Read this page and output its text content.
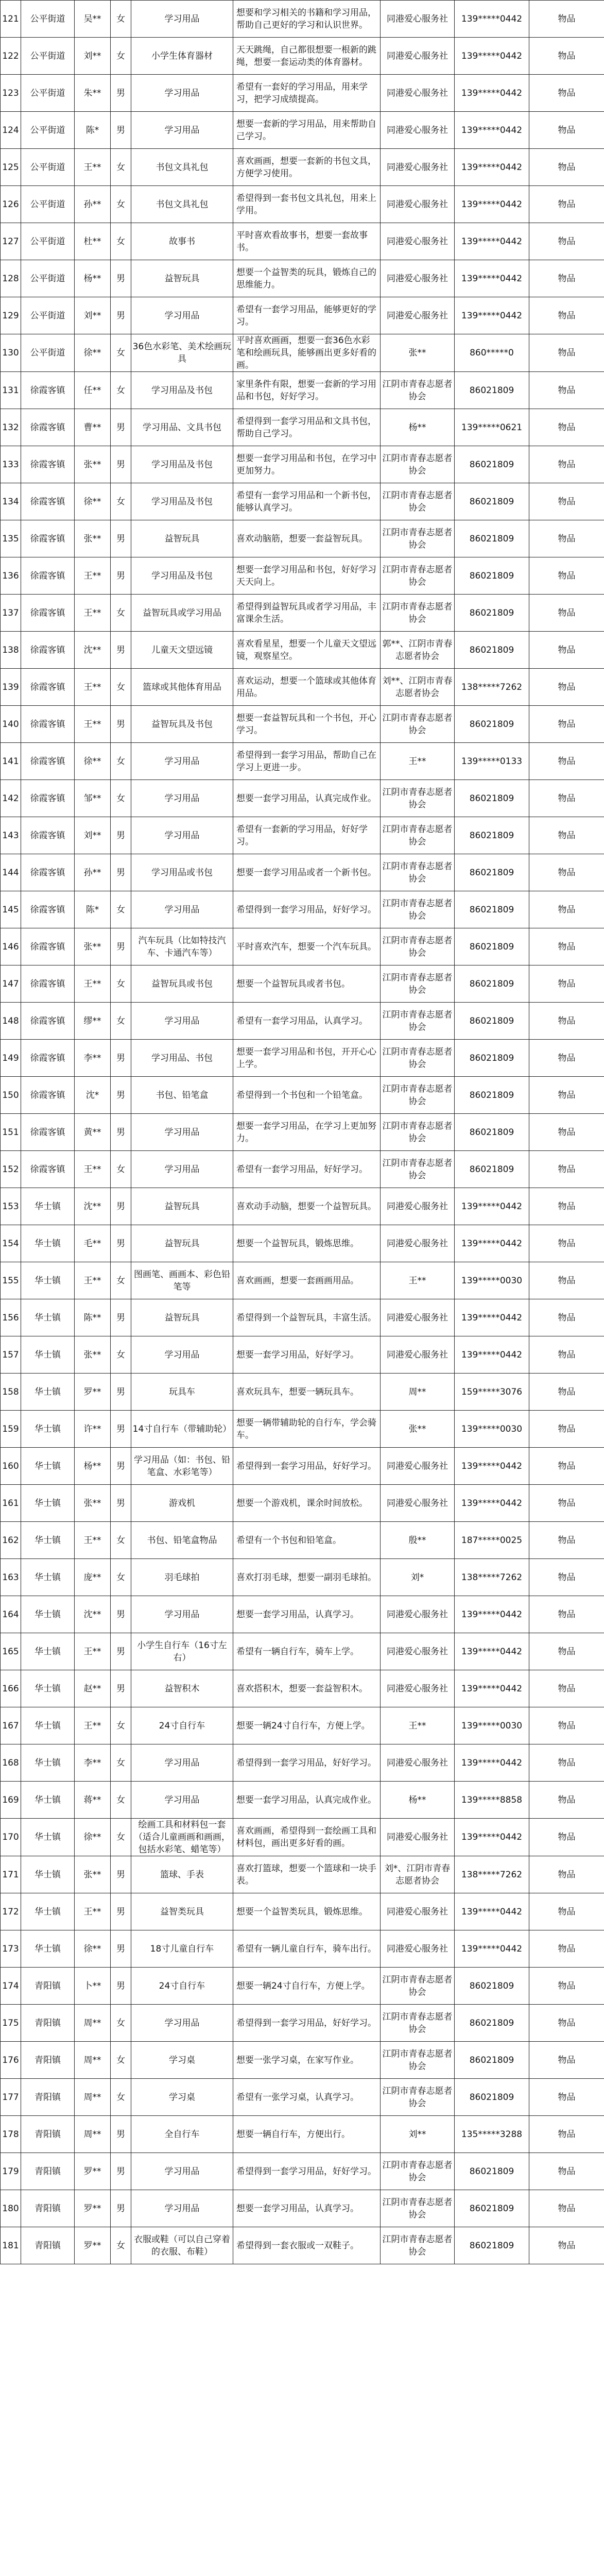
121	公平街道	吴**	女	学习用品	想要和学习相关的书籍和学习用品，帮助自己更好的学习和认识世界。	同港爱心服务社	139*****0442	物品
122	公平街道	刘**	女	小学生体育器材	天天跳绳，自己都很想要一根新的跳绳，想要一套运动类的体育器材。	同港爱心服务社	139*****0442	物品
123	公平街道	朱**	男	学习用品	希望有一套好的学习用品，用来学习，把学习成绩提高。	同港爱心服务社	139*****0442	物品
124	公平街道	陈*	男	学习用品	想要一套新的学习用品，用来帮助自己学习。	同港爱心服务社	139*****0442	物品
125	公平街道	王**	女	书包文具礼包	喜欢画画，想要一套新的书包文具，方便学习使用。	同港爱心服务社	139*****0442	物品
126	公平街道	孙**	女	书包文具礼包	希望得到一套书包文具礼包，用来上学用。	同港爱心服务社	139*****0442	物品
127	公平街道	杜**	女	故事书	平时喜欢看故事书，想要一套故事书。	同港爱心服务社	139*****0442	物品
128	公平街道	杨**	男	益智玩具	想要一个益智类的玩具，锻炼自己的思维能力。	同港爱心服务社	139*****0442	物品
129	公平街道	刘**	男	学习用品	希望有一套学习用品，能够更好的学习。	同港爱心服务社	139*****0442	物品
130	公平街道	徐**	女	36色水彩笔、美术绘画玩具	平时喜欢画画，想要一套36色水彩笔和绘画玩具，能够画出更多好看的画。	张**	860*****0	物品
131	徐霞客镇	任**	女	学习用品及书包	家里条件有限，想要一套新的学习用品和书包，好好学习。	江阴市青春志愿者协会	86021809	物品
132	徐霞客镇	曹**	男	学习用品、文具书包	希望得到一套学习用品和文具书包，帮助自己学习。	杨**	139*****0621	物品
133	徐霞客镇	张**	男	学习用品及书包	想要一套学习用品和书包，在学习中更加努力。	江阴市青春志愿者协会	86021809	物品
134	徐霞客镇	徐**	女	学习用品及书包	希望有一套学习用品和一个新书包，能够认真学习。	江阴市青春志愿者协会	86021809	物品
135	徐霞客镇	张**	男	益智玩具	喜欢动脑筋，想要一套益智玩具。	江阴市青春志愿者协会	86021809	物品
136	徐霞客镇	王**	男	学习用品及书包	想要一套学习用品和书包，好好学习天天向上。	江阴市青春志愿者协会	86021809	物品
137	徐霞客镇	王**	女	益智玩具或学习用品	希望得到益智玩具或者学习用品，丰富课余生活。	江阴市青春志愿者协会	86021809	物品
138	徐霞客镇	沈**	男	儿童天文望远镜	喜欢看星星，想要一个儿童天文望远镜，观察星空。	郭**、江阴市青春志愿者协会	86021809	物品
139	徐霞客镇	王**	女	篮球或其他体育用品	喜欢运动，想要一个篮球或其他体育用品。	刘**、江阴市青春志愿者协会	138*****7262	物品
140	徐霞客镇	王**	男	益智玩具及书包	想要一套益智玩具和一个书包，开心学习。	江阴市青春志愿者协会	86021809	物品
141	徐霞客镇	徐**	女	学习用品	希望得到一套学习用品，帮助自己在学习上更进一步。	王**	139*****0133	物品
142	徐霞客镇	邹**	女	学习用品	想要一套学习用品，认真完成作业。	江阴市青春志愿者协会	86021809	物品
143	徐霞客镇	刘**	男	学习用品	希望有一套新的学习用品，好好学习。	江阴市青春志愿者协会	86021809	物品
144	徐霞客镇	孙**	男	学习用品或书包	想要一套学习用品或者一个新书包。	江阴市青春志愿者协会	86021809	物品
145	徐霞客镇	陈*	女	学习用品	希望得到一套学习用品，好好学习。	江阴市青春志愿者协会	86021809	物品
146	徐霞客镇	张**	男	汽车玩具（比如特技汽车、卡通汽车等）	平时喜欢汽车，想要一个汽车玩具。	江阴市青春志愿者协会	86021809	物品
147	徐霞客镇	王**	女	益智玩具或书包	想要一个益智玩具或者书包。	江阴市青春志愿者协会	86021809	物品
148	徐霞客镇	缪**	女	学习用品	希望有一套学习用品，认真学习。	江阴市青春志愿者协会	86021809	物品
149	徐霞客镇	李**	男	学习用品、书包	想要一套学习用品和书包，开开心心上学。	江阴市青春志愿者协会	86021809	物品
150	徐霞客镇	沈*	男	书包、铅笔盒	希望得到一个书包和一个铅笔盒。	江阴市青春志愿者协会	86021809	物品
151	徐霞客镇	黄**	男	学习用品	想要一套学习用品，在学习上更加努力。	江阴市青春志愿者协会	86021809	物品
152	徐霞客镇	王**	女	学习用品	希望有一套学习用品，好好学习。	江阴市青春志愿者协会	86021809	物品
153	华士镇	沈**	男	益智玩具	喜欢动手动脑，想要一个益智玩具。	同港爱心服务社	139*****0442	物品
154	华士镇	毛**	男	益智玩具	想要一个益智玩具，锻炼思维。	同港爱心服务社	139*****0442	物品
155	华士镇	王**	女	图画笔、画画本、彩色铅笔等	喜欢画画，想要一套画画用品。	王**	139*****0030	物品
156	华士镇	陈**	男	益智玩具	希望得到一个益智玩具，丰富生活。	同港爱心服务社	139*****0442	物品
157	华士镇	张**	女	学习用品	想要一套学习用品，好好学习。	同港爱心服务社	139*****0442	物品
158	华士镇	罗**	男	玩具车	喜欢玩具车，想要一辆玩具车。	周**	159*****3076	物品
159	华士镇	许**	男	14寸自行车（带辅助轮）	想要一辆带辅助轮的自行车，学会骑车。	张**	139*****0030	物品
160	华士镇	杨**	男	学习用品（如：书包、铅笔盒、水彩笔等）	希望得到一套学习用品，好好学习。	同港爱心服务社	139*****0442	物品
161	华士镇	张**	男	游戏机	想要一个游戏机，课余时间放松。	同港爱心服务社	139*****0442	物品
162	华士镇	王**	女	书包、铅笔盒物品	希望有一个书包和铅笔盒。	殷**	187*****0025	物品
163	华士镇	庞**	女	羽毛球拍	喜欢打羽毛球，想要一副羽毛球拍。	刘*	138*****7262	物品
164	华士镇	沈**	男	学习用品	想要一套学习用品，认真学习。	同港爱心服务社	139*****0442	物品
165	华士镇	王**	男	小学生自行车（16寸左右）	希望有一辆自行车，骑车上学。	同港爱心服务社	139*****0442	物品
166	华士镇	赵**	男	益智积木	喜欢搭积木，想要一套益智积木。	同港爱心服务社	139*****0442	物品
167	华士镇	王**	女	24寸自行车	想要一辆24寸自行车，方便上学。	王**	139*****0030	物品
168	华士镇	李**	女	学习用品	希望得到一套学习用品，好好学习。	同港爱心服务社	139*****0442	物品
169	华士镇	蒋**	女	学习用品	想要一套学习用品，认真完成作业。	杨**	139*****8858	物品
170	华士镇	徐**	女	绘画工具和材料包一套（适合儿童画画和画画，包括水彩笔、蜡笔等）	喜欢画画，希望得到一套绘画工具和材料包，画出更多好看的画。	同港爱心服务社	139*****0442	物品
171	华士镇	张**	男	篮球、手表	喜欢打篮球，想要一个篮球和一块手表。	刘*、江阴市青春志愿者协会	138*****7262	物品
172	华士镇	王**	男	益智类玩具	想要一个益智类玩具，锻炼思维。	同港爱心服务社	139*****0442	物品
173	华士镇	徐**	男	18寸儿童自行车	希望有一辆儿童自行车，骑车出行。	同港爱心服务社	139*****0442	物品
174	青阳镇	卜**	男	24寸自行车	想要一辆24寸自行车，方便上学。	江阴市青春志愿者协会	86021809	物品
175	青阳镇	周**	女	学习用品	希望得到一套学习用品，好好学习。	江阴市青春志愿者协会	86021809	物品
176	青阳镇	周**	女	学习桌	想要一张学习桌，在家写作业。	江阴市青春志愿者协会	86021809	物品
177	青阳镇	周**	女	学习桌	希望有一张学习桌，认真学习。	江阴市青春志愿者协会	86021809	物品
178	青阳镇	周**	男	全自行车	想要一辆自行车，方便出行。	刘**	135*****3288	物品
179	青阳镇	罗**	男	学习用品	希望得到一套学习用品，好好学习。	江阴市青春志愿者协会	86021809	物品
180	青阳镇	罗**	男	学习用品	想要一套学习用品，认真学习。	江阴市青春志愿者协会	86021809	物品
181	青阳镇	罗**	女	衣服或鞋（可以自己穿着的衣服、布鞋）	希望得到一套衣服或一双鞋子。	江阴市青春志愿者协会	86021809	物品
